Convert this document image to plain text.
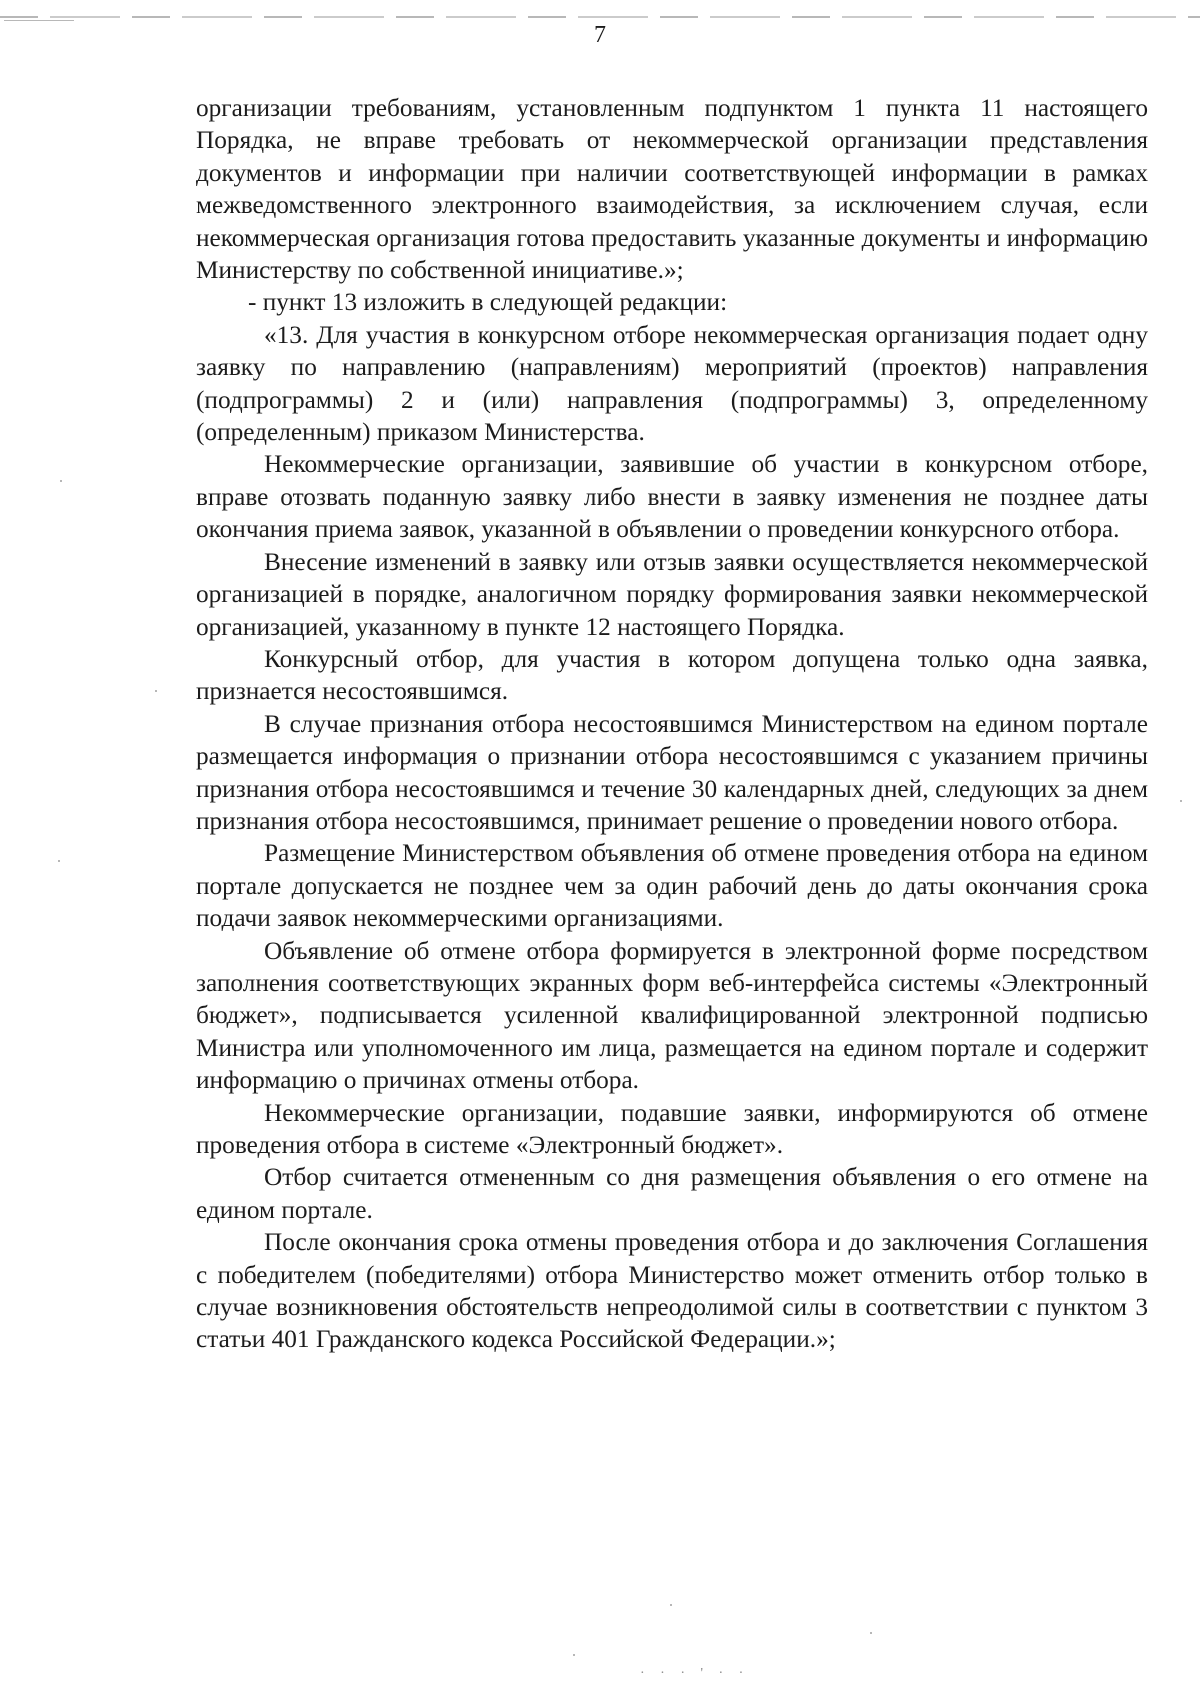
7

организации требованиям, установленным подпунктом 1 пункта 11 настоящего Порядка, не вправе требовать от некоммерческой организации представления документов и информации при наличии соответствующей информации в рамках межведомственного электронного взаимодействия, за исключением случая, если некоммерческая организация готова предоставить указанные документы и информацию Министерству по собственной инициативе.»;

- пункт 13 изложить в следующей редакции:

«13. Для участия в конкурсном отборе некоммерческая организация подает одну заявку по направлению (направлениям) мероприятий (проектов) направления (подпрограммы) 2 и (или) направления (подпрограммы) 3, определенному (определенным) приказом Министерства.

Некоммерческие организации, заявившие об участии в конкурсном отборе, вправе отозвать поданную заявку либо внести в заявку изменения не позднее даты окончания приема заявок, указанной в объявлении о проведении конкурсного отбора.

Внесение изменений в заявку или отзыв заявки осуществляется некоммерческой организацией в порядке, аналогичном порядку формирования заявки некоммерческой организацией, указанному в пункте 12 настоящего Порядка.

Конкурсный отбор, для участия в котором допущена только одна заявка, признается несостоявшимся.

В случае признания отбора несостоявшимся Министерством на едином портале размещается информация о признании отбора несостоявшимся с указанием причины признания отбора несостоявшимся и течение 30 календарных дней, следующих за днем признания отбора несостоявшимся, принимает решение о проведении нового отбора.

Размещение Министерством объявления об отмене проведения отбора на едином портале допускается не позднее чем за один рабочий день до даты окончания срока подачи заявок некоммерческими организациями.

Объявление об отмене отбора формируется в электронной форме посредством заполнения соответствующих экранных форм веб-интерфейса системы «Электронный бюджет», подписывается усиленной квалифицированной электронной подписью Министра или уполномоченного им лица, размещается на едином портале и содержит информацию о причинах отмены отбора.

Некоммерческие организации, подавшие заявки, информируются об отмене проведения отбора в системе «Электронный бюджет».

Отбор считается отмененным со дня размещения объявления о его отмене на едином портале.

После окончания срока отмены проведения отбора и до заключения Соглашения с победителем (победителями) отбора Министерство может отменить отбор только в случае возникновения обстоятельств непреодолимой силы в соответствии с пунктом 3 статьи 401 Гражданского кодекса Российской Федерации.»;

· · · ' · ·
